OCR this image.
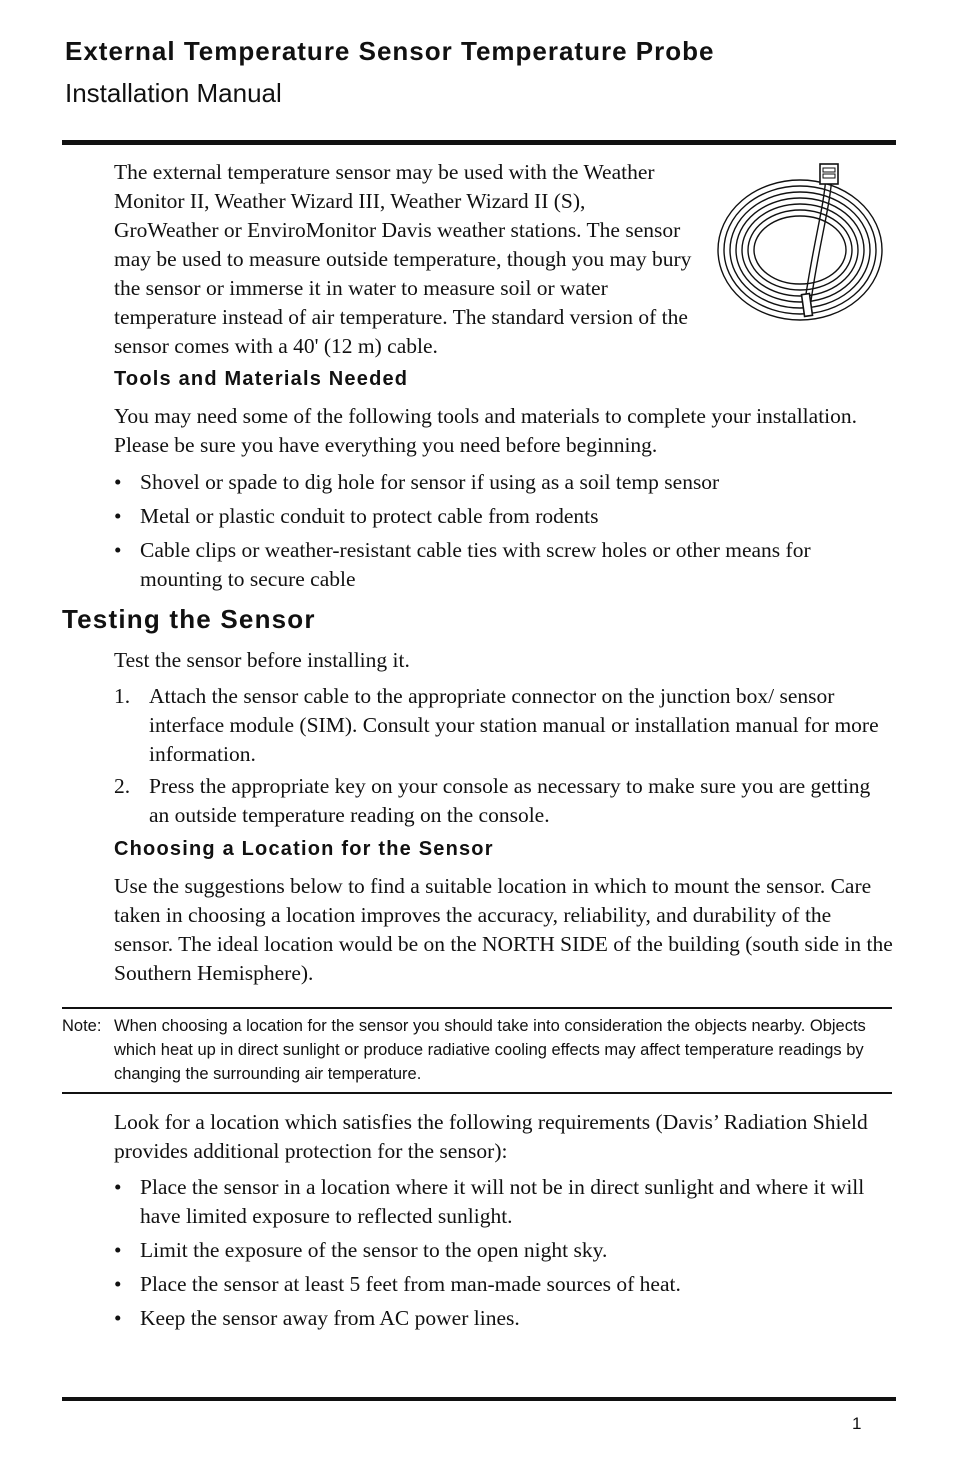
External Temperature Sensor Temperature Probe
Installation Manual

The external temperature sensor may be used with the Weather Monitor II, Weather Wizard III, Weather Wizard II (S), GroWeather or EnviroMonitor Davis weather stations. The sensor may be used to measure outside temperature, though you may bury the sensor or immerse it in water to measure soil or water temperature instead of air temperature. The standard version of the sensor comes with a 40' (12 m) cable.

Tools and Materials Needed

You may need some of the following tools and materials to complete your installation. Please be sure you have everything you need before beginning.

• Shovel or spade to dig hole for sensor if using as a soil temp sensor
• Metal or plastic conduit to protect cable from rodents
• Cable clips or weather-resistant cable ties with screw holes or other means for mounting to secure cable
Testing the Sensor

Test the sensor before installing it.

1. Attach the sensor cable to the appropriate connector on the junction box/ sensor interface module (SIM). Consult your station manual or installation manual for more information.
2. Press the appropriate key on your console as necessary to make sure you are getting an outside temperature reading on the console.
Choosing a Location for the Sensor

Use the suggestions below to find a suitable location in which to mount the sensor. Care taken in choosing a location improves the accuracy, reliability, and durability of the sensor. The ideal location would be on the NORTH SIDE of the building (south side in the Southern Hemisphere).

Note: When choosing a location for the sensor you should take into consideration the objects nearby. Objects which heat up in direct sunlight or produce radiative cooling effects may affect temperature readings by changing the surrounding air temperature.

Look for a location which satisfies the following requirements (Davis’ Radiation Shield provides additional protection for the sensor):

• Place the sensor in a location where it will not be in direct sunlight and where it will have limited exposure to reflected sunlight.
• Limit the exposure of the sensor to the open night sky.
• Place the sensor at least 5 feet from man-made sources of heat.
• Keep the sensor away from AC power lines.
1
